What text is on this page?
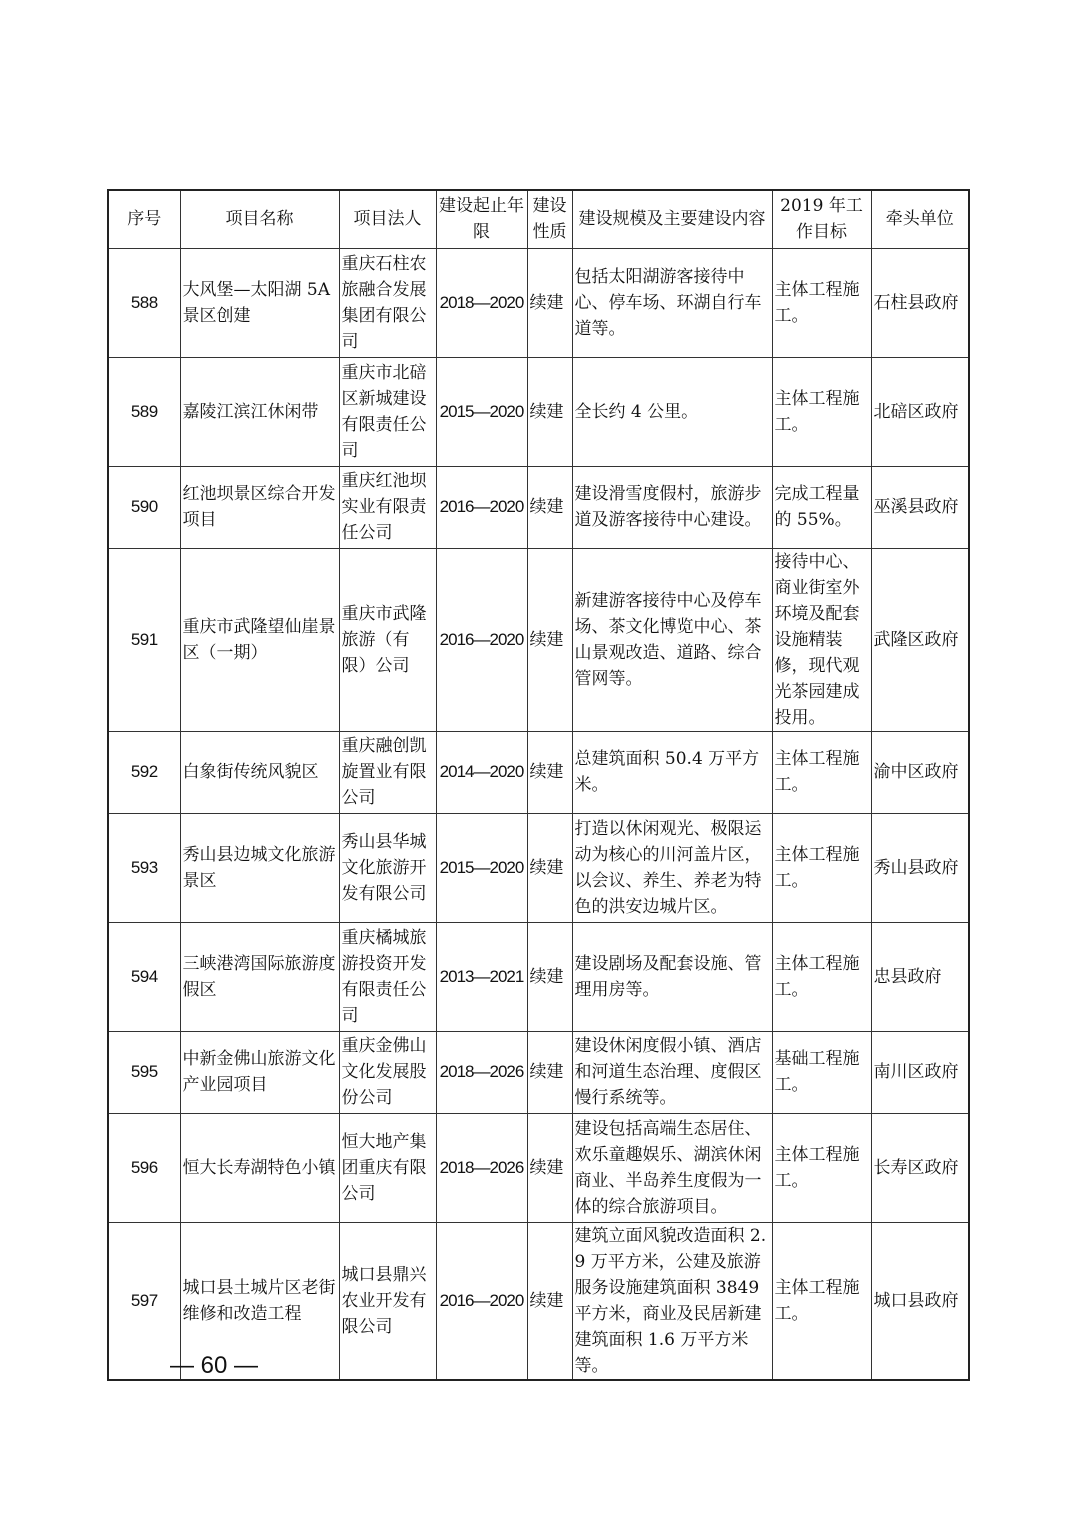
序号	项目名称	项目法人	建设起止年限	建设性质	建设规模及主要建设内容	2019 年工作目标	牵头单位
588	大风堡—太阳湖 5A 景区创建	重庆石柱农旅融合发展集团有限公司	2018—2020	续建	包括太阳湖游客接待中心、停车场、环湖自行车道等。	主体工程施工。	石柱县政府
589	嘉陵江滨江休闲带	重庆市北碚区新城建设有限责任公司	2015—2020	续建	全长约 4 公里。	主体工程施工。	北碚区政府
590	红池坝景区综合开发项目	重庆红池坝实业有限责任公司	2016—2020	续建	建设滑雪度假村，旅游步道及游客接待中心建设。	完成工程量的 55%。	巫溪县政府
591	重庆市武隆望仙崖景区（一期）	重庆市武隆旅游（有限）公司	2016—2020	续建	新建游客接待中心及停车场、茶文化博览中心、茶山景观改造、道路、综合管网等。	接待中心、商业街室外环境及配套设施精装修，现代观光茶园建成投用。	武隆区政府
592	白象街传统风貌区	重庆融创凯旋置业有限公司	2014—2020	续建	总建筑面积 50.4 万平方米。	主体工程施工。	渝中区政府
593	秀山县边城文化旅游景区	秀山县华城文化旅游开发有限公司	2015—2020	续建	打造以休闲观光、极限运动为核心的川河盖片区，以会议、养生、养老为特色的洪安边城片区。	主体工程施工。	秀山县政府
594	三峡港湾国际旅游度假区	重庆橘城旅游投资开发有限责任公司	2013—2021	续建	建设剧场及配套设施、管理用房等。	主体工程施工。	忠县政府
595	中新金佛山旅游文化产业园项目	重庆金佛山文化发展股份公司	2018—2026	续建	建设休闲度假小镇、酒店和河道生态治理、度假区慢行系统等。	基础工程施工。	南川区政府
596	恒大长寿湖特色小镇	恒大地产集团重庆有限公司	2018—2026	续建	建设包括高端生态居住、欢乐童趣娱乐、湖滨休闲商业、半岛养生度假为一体的综合旅游项目。	主体工程施工。	长寿区政府
597	城口县土城片区老街维修和改造工程	城口县鼎兴农业开发有限公司	2016—2020	续建	建筑立面风貌改造面积 2.9 万平方米，公建及旅游服务设施建筑面积 3849 平方米，商业及民居新建建筑面积 1.6 万平方米等。	主体工程施工。	城口县政府
— 60 —
